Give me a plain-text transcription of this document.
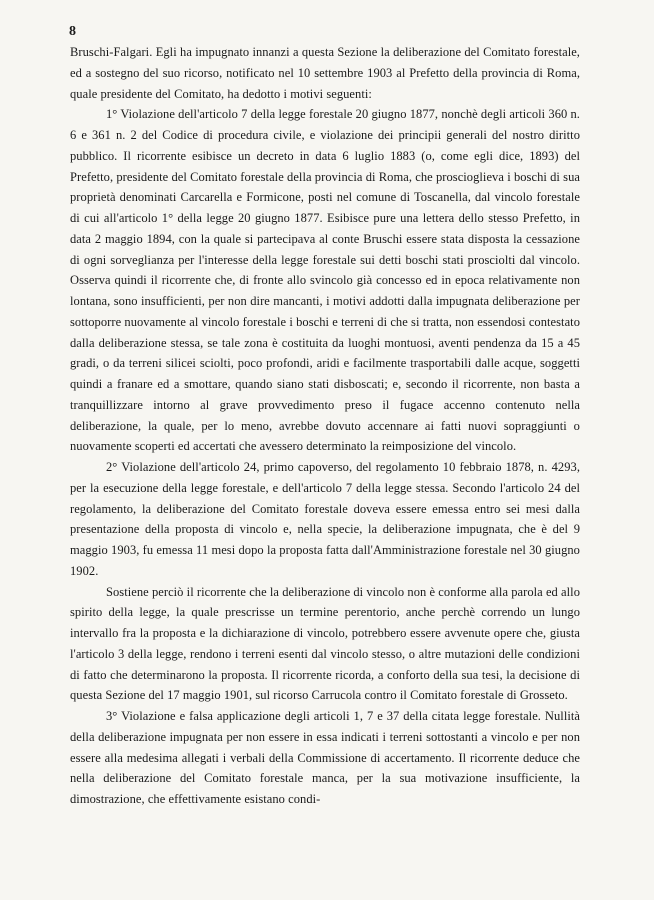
8

Bruschi-Falgari. Egli ha impugnato innanzi a questa Sezione la deliberazione del Comitato forestale, ed a sostegno del suo ricorso, notificato nel 10 settembre 1903 al Prefetto della provincia di Roma, quale presidente del Comitato, ha dedotto i motivi seguenti:

1° Violazione dell'articolo 7 della legge forestale 20 giugno 1877, nonchè degli articoli 360 n. 6 e 361 n. 2 del Codice di procedura civile, e violazione dei principii generali del nostro diritto pubblico. Il ricorrente esibisce un decreto in data 6 luglio 1883 (o, come egli dice, 1893) del Prefetto, presidente del Comitato forestale della provincia di Roma, che proscioglieva i boschi di sua proprietà denominati Carcarella e Formicone, posti nel comune di Toscanella, dal vincolo forestale di cui all'articolo 1° della legge 20 giugno 1877. Esibisce pure una lettera dello stesso Prefetto, in data 2 maggio 1894, con la quale si partecipava al conte Bruschi essere stata disposta la cessazione di ogni sorveglianza per l'interesse della legge forestale sui detti boschi stati prosciolti dal vincolo. Osserva quindi il ricorrente che, di fronte allo svincolo già concesso ed in epoca relativamente non lontana, sono insufficienti, per non dire mancanti, i motivi addotti dalla impugnata deliberazione per sottoporre nuovamente al vincolo forestale i boschi e terreni di che si tratta, non essendosi contestato dalla deliberazione stessa, se tale zona è costituita da luoghi montuosi, aventi pendenza da 15 a 45 gradi, o da terreni silicei sciolti, poco profondi, aridi e facilmente trasportabili dalle acque, soggetti quindi a franare ed a smottare, quando siano stati disboscati; e, secondo il ricorrente, non basta a tranquillizzare intorno al grave provvedimento preso il fugace accenno contenuto nella deliberazione, la quale, per lo meno, avrebbe dovuto accennare ai fatti nuovi sopraggiunti o nuovamente scoperti ed accertati che avessero determinato la reimposizione del vincolo.

2° Violazione dell'articolo 24, primo capoverso, del regolamento 10 febbraio 1878, n. 4293, per la esecuzione della legge forestale, e dell'articolo 7 della legge stessa. Secondo l'articolo 24 del regolamento, la deliberazione del Comitato forestale doveva essere emessa entro sei mesi dalla presentazione della proposta di vincolo e, nella specie, la deliberazione impugnata, che è del 9 maggio 1903, fu emessa 11 mesi dopo la proposta fatta dall'Amministrazione forestale nel 30 giugno 1902.

Sostiene perciò il ricorrente che la deliberazione di vincolo non è conforme alla parola ed allo spirito della legge, la quale prescrisse un termine perentorio, anche perchè correndo un lungo intervallo fra la proposta e la dichiarazione di vincolo, potrebbero essere avvenute opere che, giusta l'articolo 3 della legge, rendono i terreni esenti dal vincolo stesso, o altre mutazioni delle condizioni di fatto che determinarono la proposta. Il ricorrente ricorda, a conforto della sua tesi, la decisione di questa Sezione del 17 maggio 1901, sul ricorso Carrucola contro il Comitato forestale di Grosseto.

3° Violazione e falsa applicazione degli articoli 1, 7 e 37 della citata legge forestale. Nullità della deliberazione impugnata per non essere in essa indicati i terreni sottostanti a vincolo e per non essere alla medesima allegati i verbali della Commissione di accertamento. Il ricorrente deduce che nella deliberazione del Comitato forestale manca, per la sua motivazione insufficiente, la dimostrazione, che effettivamente esistano condi-
